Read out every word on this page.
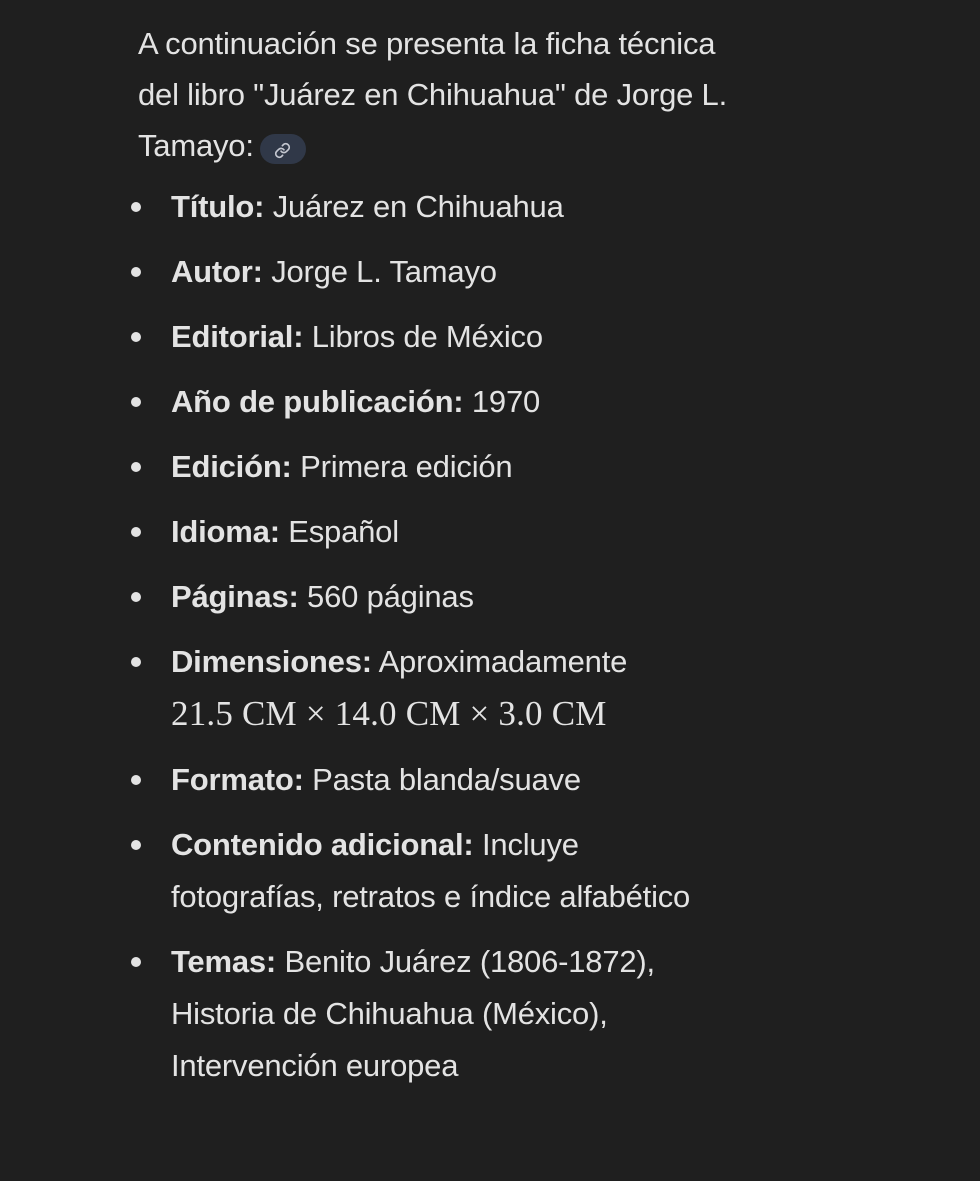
A continuación se presenta la ficha técnica del libro "Juárez en Chihuahua" de Jorge L. Tamayo:

Título: Juárez en Chihuahua
Autor: Jorge L. Tamayo
Editorial: Libros de México
Año de publicación: 1970
Edición: Primera edición
Idioma: Español
Páginas: 560 páginas
Dimensiones: Aproximadamente
21.5 CM × 14.0 CM × 3.0 CM
Formato: Pasta blanda/suave
Contenido adicional: Incluye fotografías, retratos e índice alfabético
Temas: Benito Juárez (1806-1872), Historia de Chihuahua (México), Intervención europea
